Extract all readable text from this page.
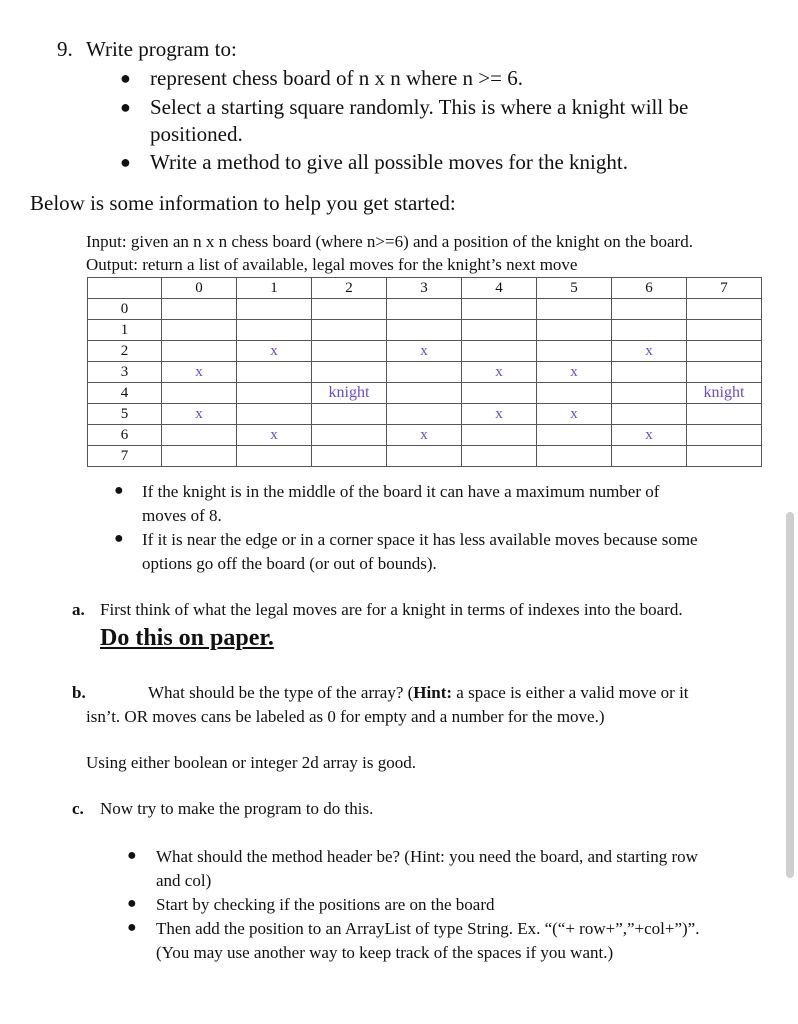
9. Write program to:
● represent chess board of n x n where n >= 6.
● Select a starting square randomly. This is where a knight will be
positioned.
● Write a method to give all possible moves for the knight.
Below is some information to help you get started:
Input: given an n x n chess board (where n>=6) and a position of the knight on the board.
Output: return a list of available, legal moves for the knight’s next move
	0	1	2	3	4	5	6	7
0								
1								
2		x		x			x	
3	x				x	x		
4			knight					knight
5	x				x	x		
6		x		x			x	
7								
● If the knight is in the middle of the board it can have a maximum number of
moves of 8.
● If it is near the edge or in a corner space it has less available moves because some
options go off the board (or out of bounds).
a. First think of what the legal moves are for a knight in terms of indexes into the board.
Do this on paper.
b.	What should be the type of the array? (Hint: a space is either a valid move or it
isn’t. OR moves cans be labeled as 0 for empty and a number for the move.)
Using either boolean or integer 2d array is good.
c. Now try to make the program to do this.
● What should the method header be? (Hint: you need the board, and starting row
and col)
● Start by checking if the positions are on the board
● Then add the position to an ArrayList of type String. Ex. “(“+ row+”,”+col+”)”.
(You may use another way to keep track of the spaces if you want.)
